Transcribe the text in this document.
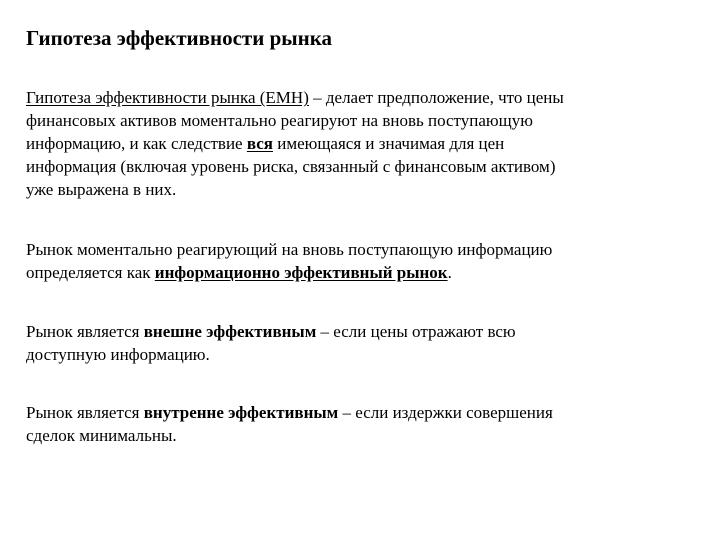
Гипотеза эффективности рынка

Гипотеза эффективности рынка (EMH) – делает предположение, что цены
финансовых активов моментально реагируют на вновь поступающую
информацию, и как следствие вся имеющаяся и значимая для цен
информация (включая уровень риска, связанный с финансовым активом)
уже выражена в них.

Рынок моментально реагирующий на вновь поступающую информацию
определяется как информационно эффективный рынок.

Рынок является внешне эффективным – если цены отражают всю
доступную информацию.

Рынок является внутренне эффективным – если издержки совершения
сделок минимальны.
